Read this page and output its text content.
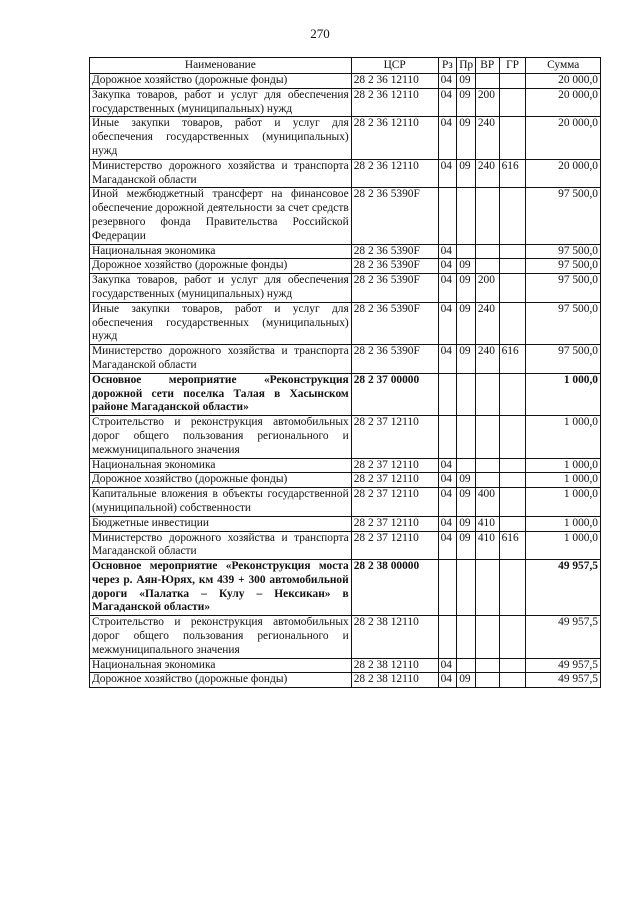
270
Наименование	ЦСР	Рз	Пр	ВР	ГР	Сумма
Дорожное хозяйство (дорожные фонды)	28 2 36 12110	04	09			20 000,0
Закупка товаров, работ и услуг для обеспечения государственных (муниципальных) нужд	28 2 36 12110	04	09	200		20 000,0
Иные закупки товаров, работ и услуг для обеспечения государственных (муниципальных) нужд	28 2 36 12110	04	09	240		20 000,0
Министерство дорожного хозяйства и транспорта Магаданской области	28 2 36 12110	04	09	240	616	20 000,0
Иной межбюджетный трансферт на финансовое обеспечение дорожной деятельности за счет средств резервного фонда Правительства Российской Федерации	28 2 36 5390F					97 500,0
Национальная экономика	28 2 36 5390F	04				97 500,0
Дорожное хозяйство (дорожные фонды)	28 2 36 5390F	04	09			97 500,0
Закупка товаров, работ и услуг для обеспечения государственных (муниципальных) нужд	28 2 36 5390F	04	09	200		97 500,0
Иные закупки товаров, работ и услуг для обеспечения государственных (муниципальных) нужд	28 2 36 5390F	04	09	240		97 500,0
Министерство дорожного хозяйства и транспорта Магаданской области	28 2 36 5390F	04	09	240	616	97 500,0
Основное мероприятие «Реконструкция дорожной сети поселка Талая в Хасынском районе Магаданской области»	28 2 37 00000					1 000,0
Строительство и реконструкция автомобильных дорог общего пользования регионального и межмуниципального значения	28 2 37 12110					1 000,0
Национальная экономика	28 2 37 12110	04				1 000,0
Дорожное хозяйство (дорожные фонды)	28 2 37 12110	04	09			1 000,0
Капитальные вложения в объекты государственной (муниципальной) собственности	28 2 37 12110	04	09	400		1 000,0
Бюджетные инвестиции	28 2 37 12110	04	09	410		1 000,0
Министерство дорожного хозяйства и транспорта Магаданской области	28 2 37 12110	04	09	410	616	1 000,0
Основное мероприятие «Реконструкция моста через р. Аян-Юрях, км 439 + 300 автомобильной дороги «Палатка – Кулу – Нексикан» в Магаданской области»	28 2 38 00000					49 957,5
Строительство и реконструкция автомобильных дорог общего пользования регионального и межмуниципального значения	28 2 38 12110					49 957,5
Национальная экономика	28 2 38 12110	04				49 957,5
Дорожное хозяйство (дорожные фонды)	28 2 38 12110	04	09			49 957,5
